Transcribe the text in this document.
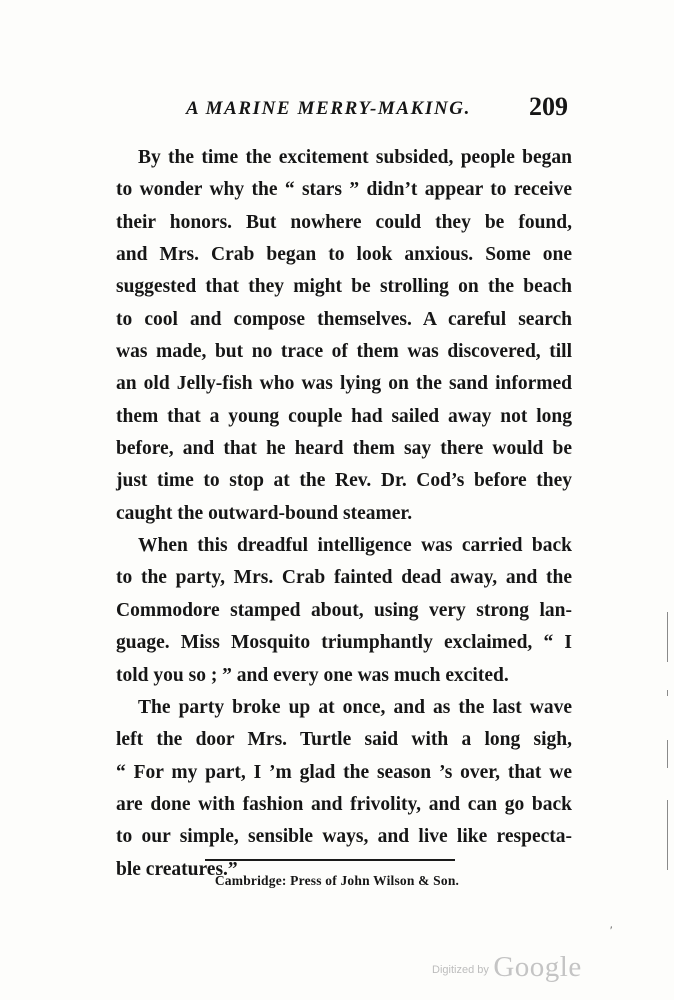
A MARINE MERRY-MAKING. 209
By the time the excitement subsided, people began
to wonder why the “ stars ” didn’t appear to receive
their honors. But nowhere could they be found,
and Mrs. Crab began to look anxious. Some one
suggested that they might be strolling on the beach
to cool and compose themselves. A careful search
was made, but no trace of them was discovered, till
an old Jelly-fish who was lying on the sand informed
them that a young couple had sailed away not long
before, and that he heard them say there would be
just time to stop at the Rev. Dr. Cod’s before they
caught the outward-bound steamer.
When this dreadful intelligence was carried back
to the party, Mrs. Crab fainted dead away, and the
Commodore stamped about, using very strong lan-
guage. Miss Mosquito triumphantly exclaimed, “ I
told you so ; ” and every one was much excited.
The party broke up at once, and as the last wave
left the door Mrs. Turtle said with a long sigh,
“ For my part, I ’m glad the season ’s over, that we
are done with fashion and frivolity, and can go back
to our simple, sensible ways, and live like respecta-
ble creatures.”
Cambridge: Press of John Wilson & Son.
′
Digitized by Google
